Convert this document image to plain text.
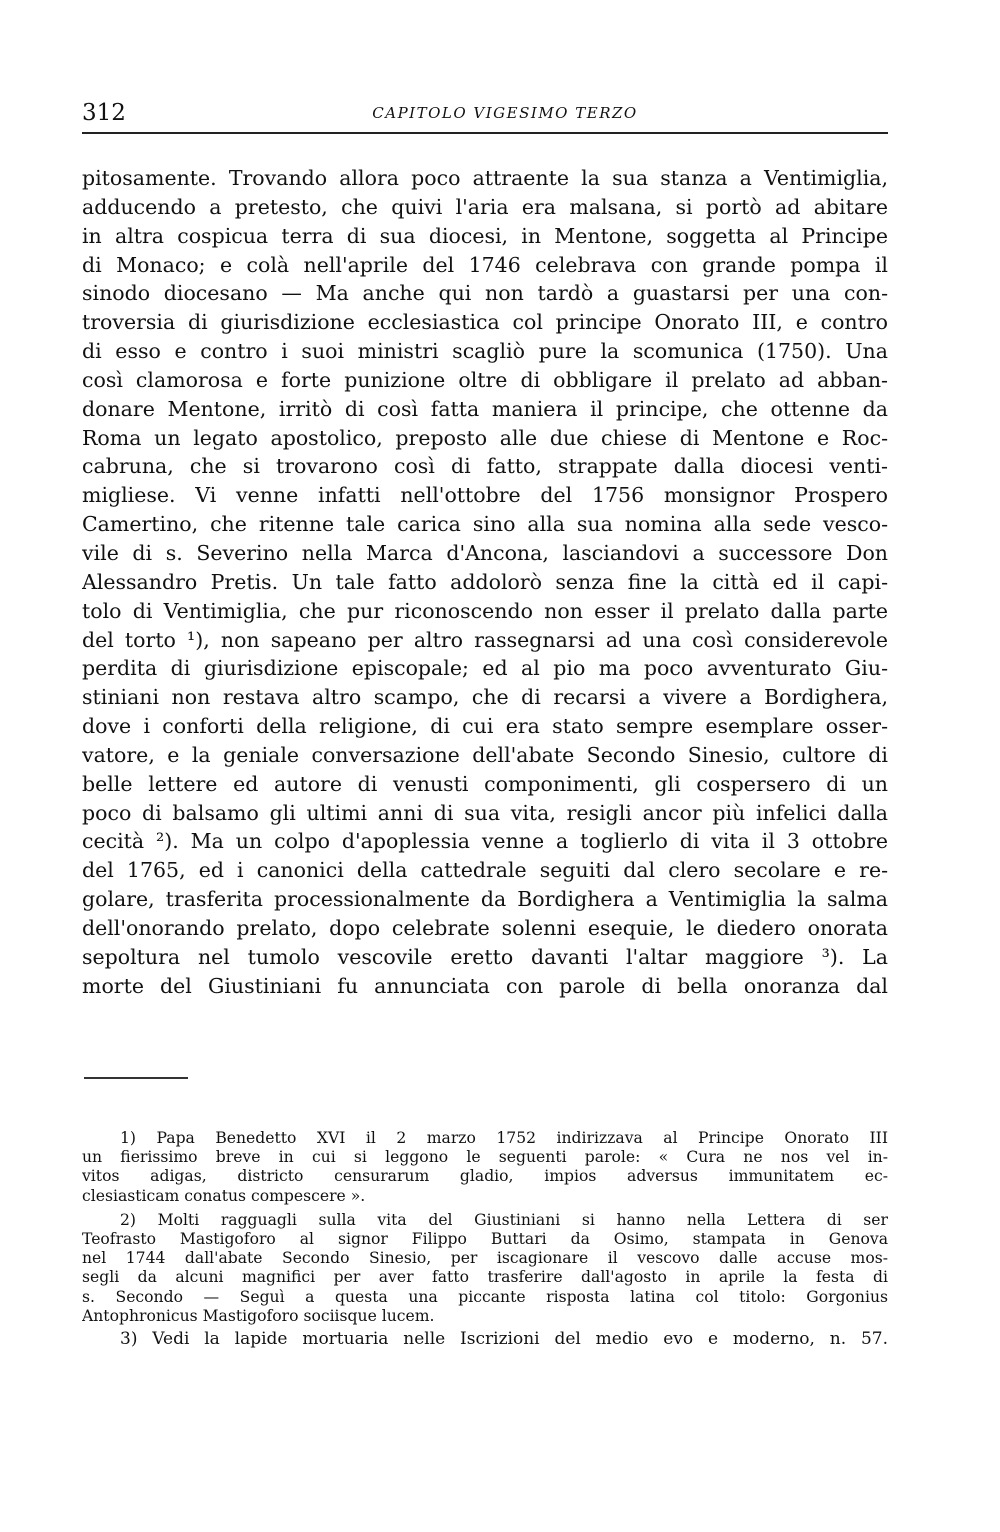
312	CAPITOLO VIGESIMO TERZO
pitosamente. Trovando allora poco attraente la sua stanza a Ventimiglia,
adducendo a pretesto, che quivi l'aria era malsana, si portò ad abitare
in altra cospicua terra di sua diocesi, in Mentone, soggetta al Principe
di Monaco; e colà nell'aprile del 1746 celebrava con grande pompa il
sinodo diocesano — Ma anche qui non tardò a guastarsi per una con-
troversia di giurisdizione ecclesiastica col principe Onorato III, e contro
di esso e contro i suoi ministri scagliò pure la scomunica (1750). Una
così clamorosa e forte punizione oltre di obbligare il prelato ad abban-
donare Mentone, irritò di così fatta maniera il principe, che ottenne da
Roma un legato apostolico, preposto alle due chiese di Mentone e Roc-
cabruna, che si trovarono così di fatto, strappate dalla diocesi venti-
migliese. Vi venne infatti nell'ottobre del 1756 monsignor Prospero
Camertino, che ritenne tale carica sino alla sua nomina alla sede vesco-
vile di s. Severino nella Marca d'Ancona, lasciandovi a successore Don
Alessandro Pretis. Un tale fatto addolorò senza fine la città ed il capi-
tolo di Ventimiglia, che pur riconoscendo non esser il prelato dalla parte
del torto ¹), non sapeano per altro rassegnarsi ad una così considerevole
perdita di giurisdizione episcopale; ed al pio ma poco avventurato Giu-
stiniani non restava altro scampo, che di recarsi a vivere a Bordighera,
dove i conforti della religione, di cui era stato sempre esemplare osser-
vatore, e la geniale conversazione dell'abate Secondo Sinesio, cultore di
belle lettere ed autore di venusti componimenti, gli cospersero di un
poco di balsamo gli ultimi anni di sua vita, resigli ancor più infelici dalla
cecità ²). Ma un colpo d'apoplessia venne a toglierlo di vita il 3 ottobre
del 1765, ed i canonici della cattedrale seguiti dal clero secolare e re-
golare, trasferita processionalmente da Bordighera a Ventimiglia la salma
dell'onorando prelato, dopo celebrate solenni esequie, le diedero onorata
sepoltura nel tumolo vescovile eretto davanti l'altar maggiore ³). La
morte del Giustiniani fu annunciata con parole di bella onoranza dal
1) Papa Benedetto XVI il 2 marzo 1752 indirizzava al Principe Onorato III
un fierissimo breve in cui si leggono le seguenti parole: « Cura ne nos vel in-
vitos adigas, districto censurarum gladio, impios adversus immunitatem ec-
clesiasticam conatus compescere ».
2) Molti ragguagli sulla vita del Giustiniani si hanno nella Lettera di ser
Teofrasto Mastigoforo al signor Filippo Buttari da Osimo, stampata in Genova
nel 1744 dall'abate Secondo Sinesio, per iscagionare il vescovo dalle accuse mos-
segli da alcuni magnifici per aver fatto trasferire dall'agosto in aprile la festa di
s. Secondo — Seguì a questa una piccante risposta latina col titolo: Gorgonius
Antophronicus Mastigoforo sociisque lucem.
3) Vedi la lapide mortuaria nelle Iscrizioni del medio evo e moderno, n. 57.
